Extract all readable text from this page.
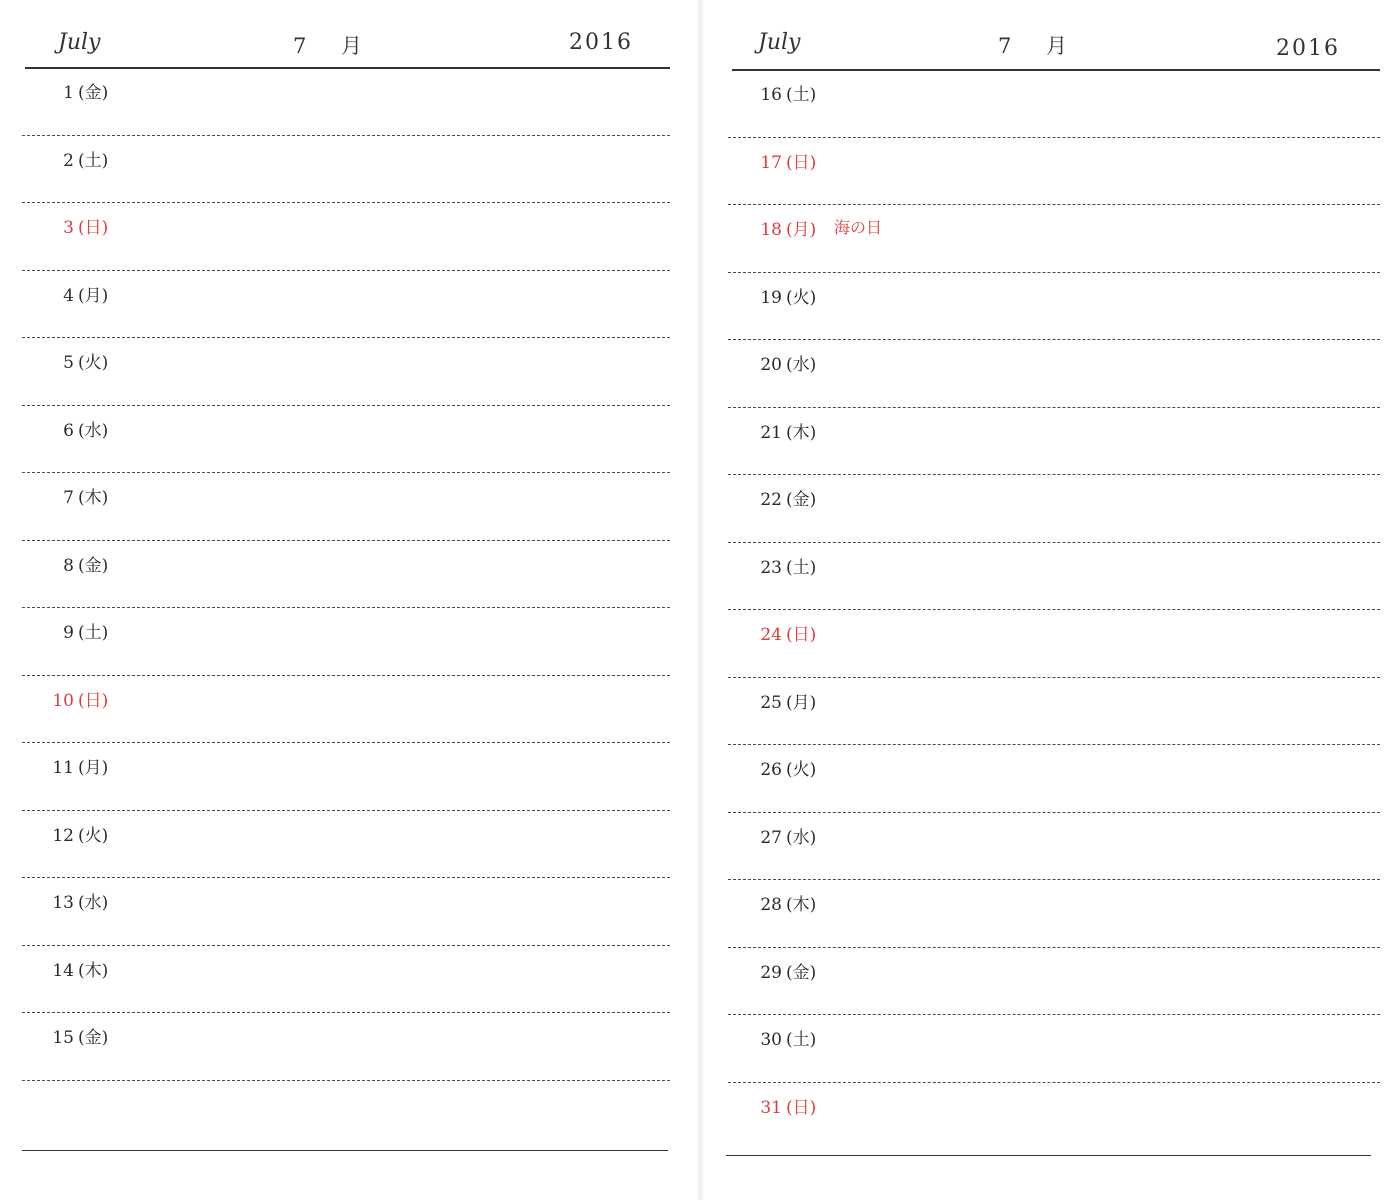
July	7 月	2016
1 (金)
2 (土)
3 (日)
4 (月)
5 (火)
6 (水)
7 (木)
8 (金)
9 (土)
10 (日)
11 (月)
12 (火)
13 (水)
14 (木)
15 (金)
July	7 月	2016
16 (土)
17 (日)
18 (月) 海の日
19 (火)
20 (水)
21 (木)
22 (金)
23 (土)
24 (日)
25 (月)
26 (火)
27 (水)
28 (木)
29 (金)
30 (土)
31 (日)
